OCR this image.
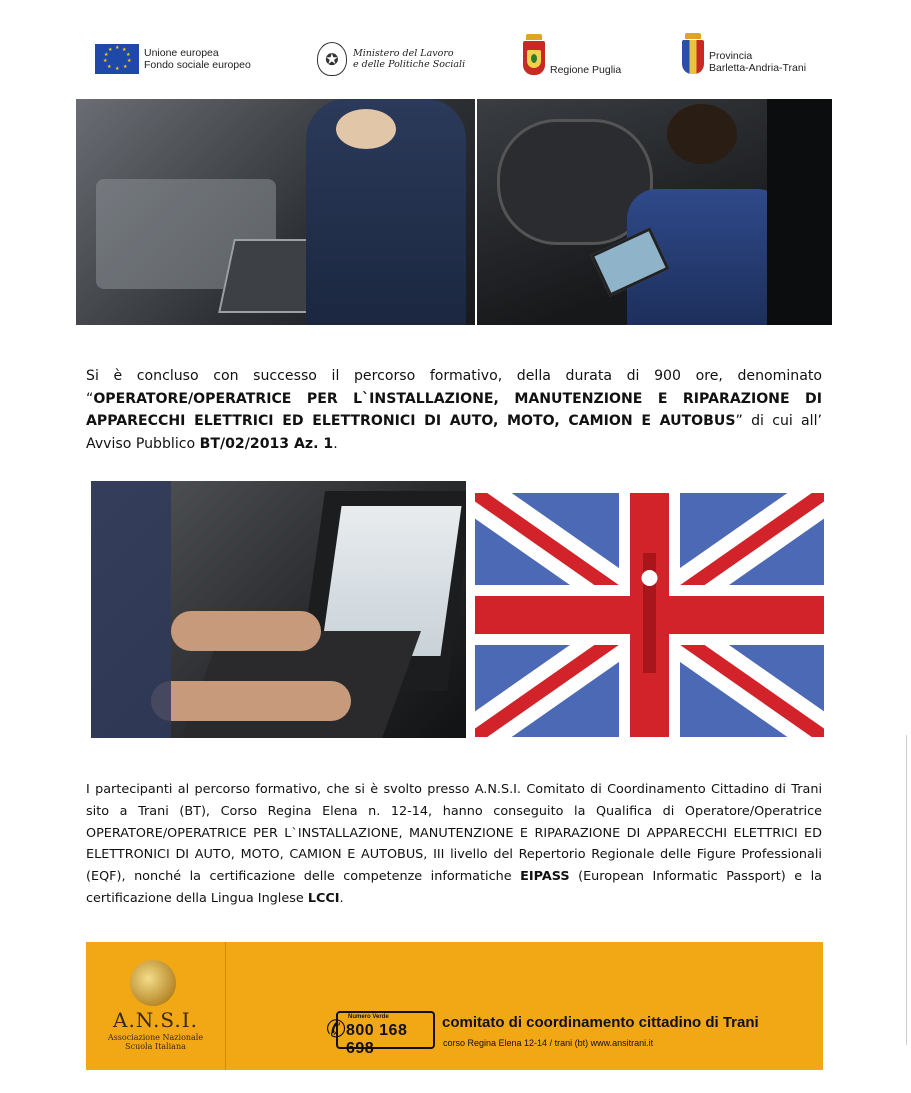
★ ★
★
★
★
★
★
★
★
★	Unione europea
Fondo sociale europeo	✪	Ministero del Lavoro
e delle Politiche Sociali	Regione Puglia
Provincia
Barletta-Andria-Trani
Si è concluso con successo il percorso formativo, della durata di 900 ore, denominato “OPERATORE/OPERATRICE PER L`INSTALLAZIONE, MANUTENZIONE E RIPARAZIONE DI APPARECCHI ELETTRICI ED ELETTRONICI DI AUTO, MOTO, CAMION E AUTOBUS” di cui all’ Avviso Pubblico BT/02/2013 Az. 1.
I partecipanti al percorso formativo, che si è svolto presso A.N.S.I. Comitato di Coordinamento Cittadino di Trani sito a Trani (BT), Corso Regina Elena n. 12-14, hanno conseguito la Qualifica di Operatore/Operatrice OPERATORE/OPERATRICE PER L`INSTALLAZIONE, MANUTENZIONE E RIPARAZIONE DI APPARECCHI ELETTRICI ED ELETTRONICI DI AUTO, MOTO, CAMION E AUTOBUS, III livello del Repertorio Regionale delle Figure Professionali (EQF), nonché la certificazione delle competenze informatiche EIPASS (European Informatic Passport) e la certificazione della Lingua Inglese LCCI.
A.N.S.I.
Associazione Nazionale
Scuola Italiana
✆ Numero Verde
800 168 698
comitato di coordinamento cittadino di Trani
corso Regina Elena 12-14 / trani (bt) www.ansitrani.it
